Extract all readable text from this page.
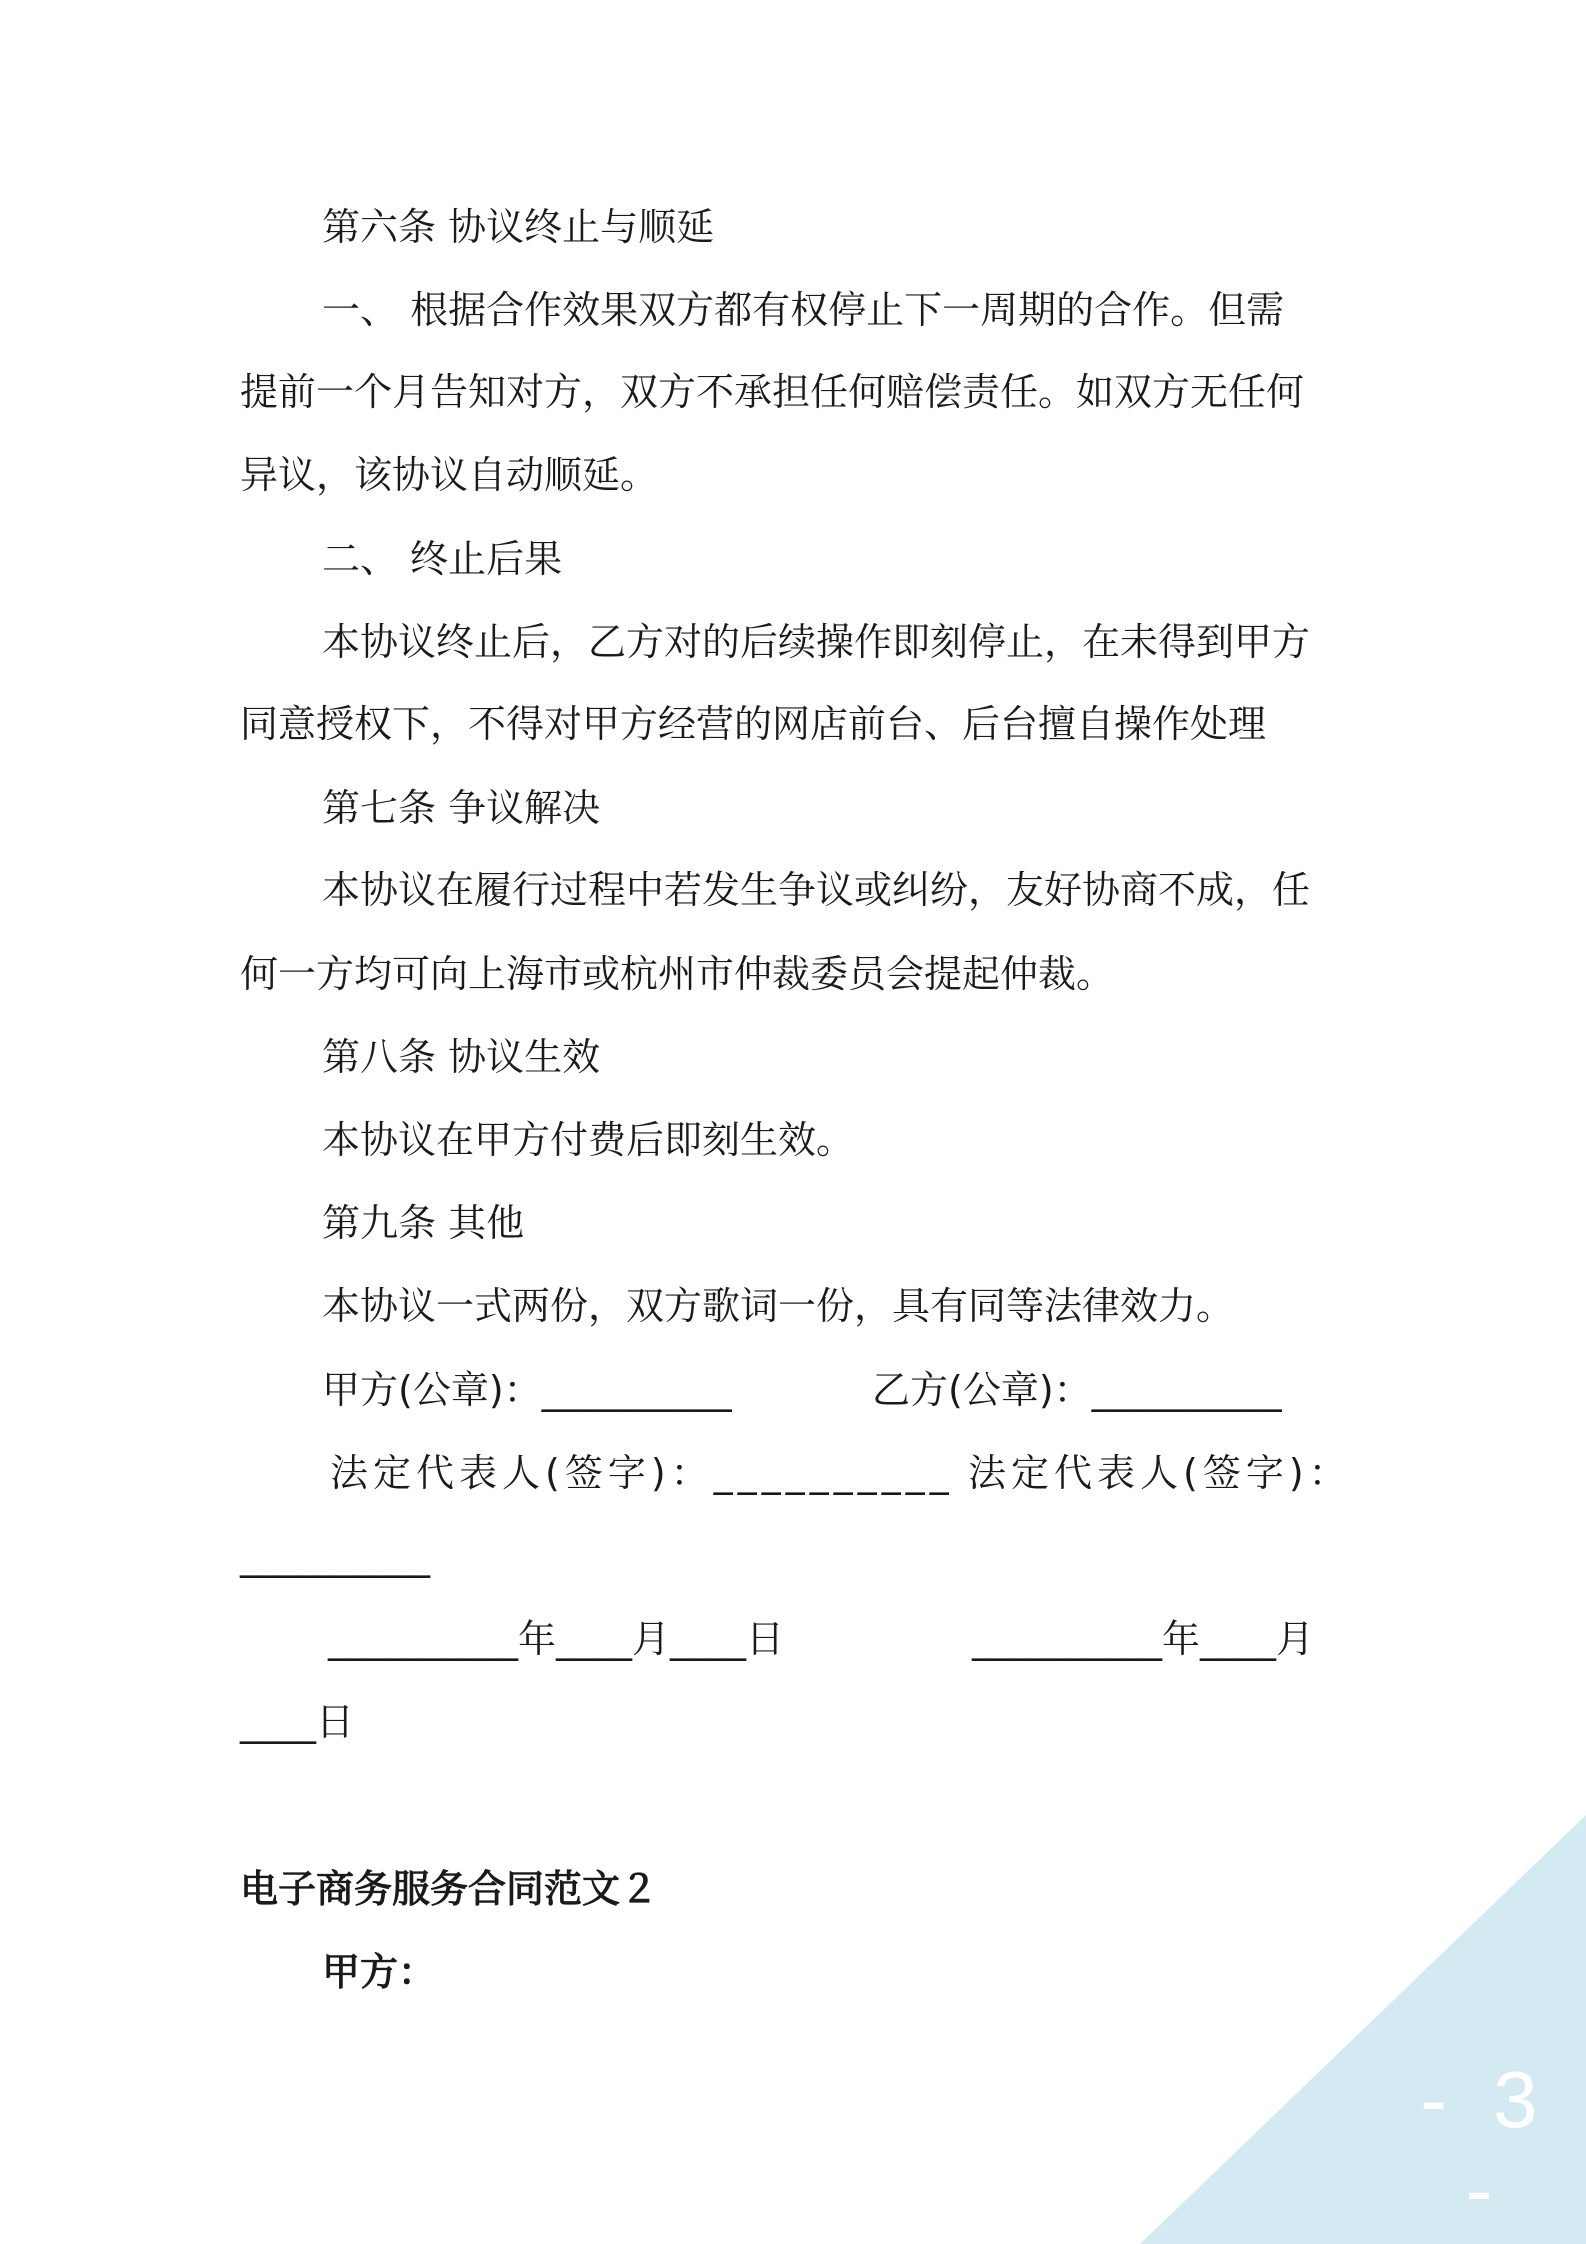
第六条 协议终止与顺延
一、 根据合作效果双方都有权停止下一周期的合作。但需
提前一个月告知对方，双方不承担任何赔偿责任。如双方无任何
异议，该协议自动顺延。
二、 终止后果
本协议终止后，乙方对的后续操作即刻停止，在未得到甲方
同意授权下，不得对甲方经营的网店前台、后台擅自操作处理
第七条 争议解决
本协议在履行过程中若发生争议或纠纷，友好协商不成，任
何一方均可向上海市或杭州市仲裁委员会提起仲裁。
第八条 协议生效
本协议在甲方付费后即刻生效。
第九条 其他
本协议一式两份，双方歌词一份，具有同等法律效力。
甲方(公章)：__________	乙方(公章)：__________
法定代表人(签字)：__________ 法定代表人(签字)：
__________
__________年____月____日	__________年____月
____日
电子商务服务合同范文２
甲方：
- 3 -
